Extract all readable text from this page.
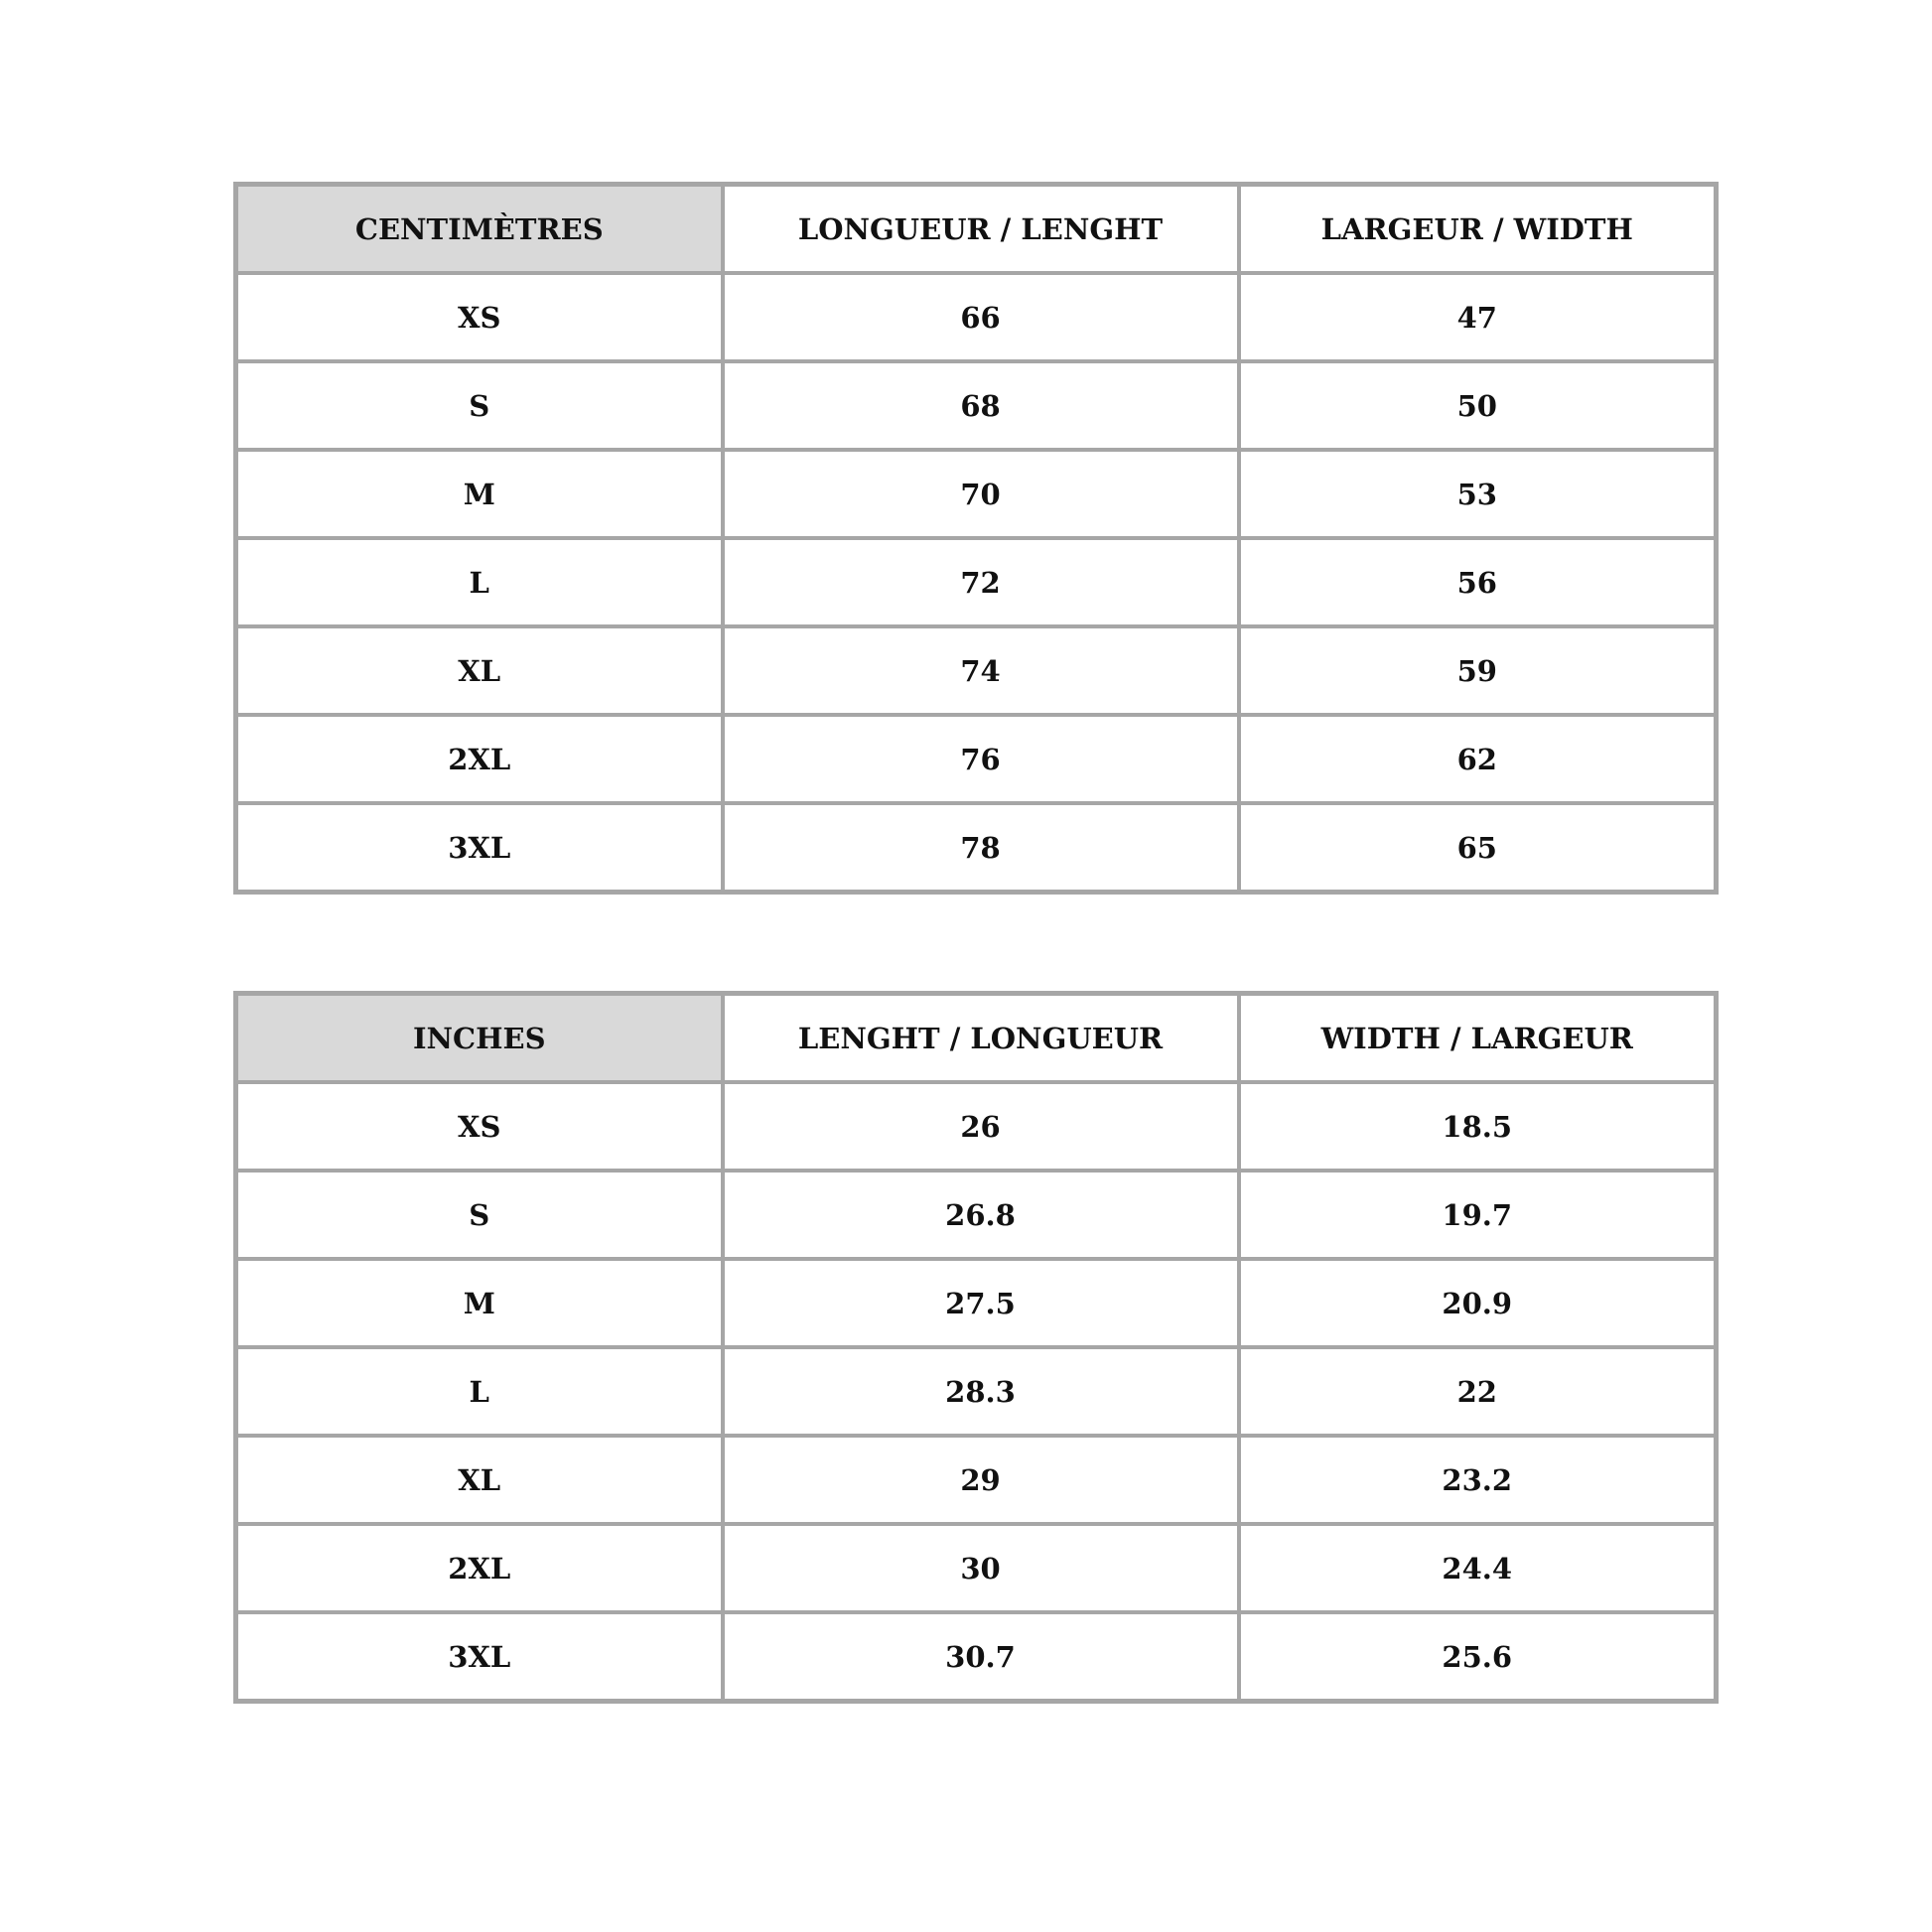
CENTIMÈTRES	LONGUEUR / LENGHT	LARGEUR / WIDTH
XS	66	47
S	68	50
M	70	53
L	72	56
XL	74	59
2XL	76	62
3XL	78	65
INCHES	LENGHT / LONGUEUR	WIDTH / LARGEUR
XS	26	18.5
S	26.8	19.7
M	27.5	20.9
L	28.3	22
XL	29	23.2
2XL	30	24.4
3XL	30.7	25.6
